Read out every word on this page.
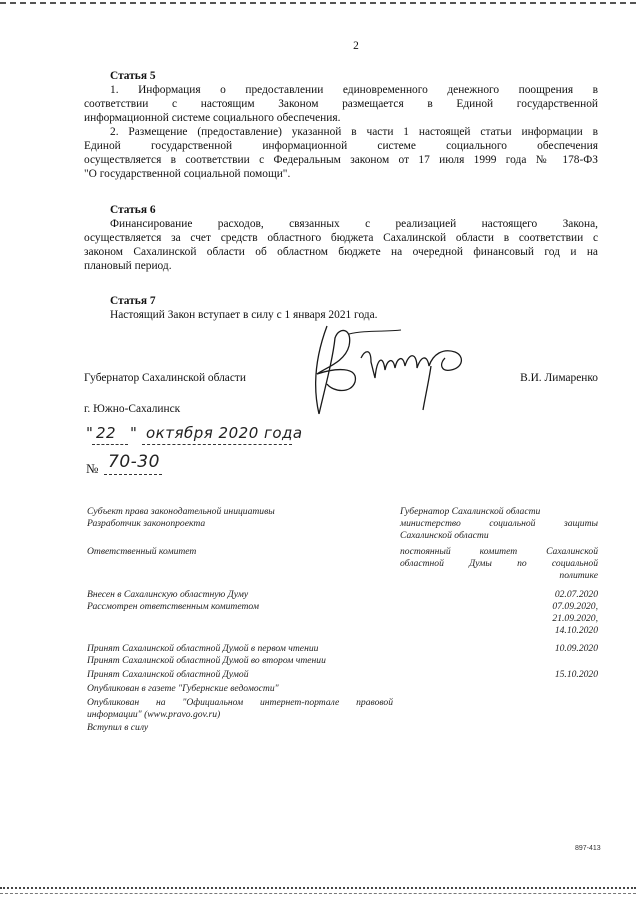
2
Статья 5
1. Информация о предоставлении единовременного денежного поощрения в
соответствии с настоящим Законом размещается в Единой государственной
информационной системе социального обеспечения.
2. Размещение (предоставление) указанной в части 1 настоящей статьи информации в
Единой государственной информационной системе социального обеспечения
осуществляется в соответствии с Федеральным законом от 17 июля 1999 года № 178-ФЗ
"О государственной социальной помощи".
Статья 6
Финансирование расходов, связанных с реализацией настоящего Закона,
осуществляется за счет средств областного бюджета Сахалинской области в соответствии с
законом Сахалинской области об областном бюджете на очередной финансовый год и на
плановый период.
Статья 7
Настоящий Закон вступает в силу с 1 января 2021 года.
Губернатор Сахалинской области	В.И. Лимаренко
г. Южно-Сахалинск
" 22 " октября 2020 года
№ 70-30
Субъект права законодательной инициативы	Губернатор Сахалинской области
Разработчик законопроекта	министерство социальной защиты
Сахалинской области
Ответственный комитет	постоянный комитет Сахалинской
областной Думы по социальной
политике
Внесен в Сахалинскую областную Думу	02.07.2020
Рассмотрен ответственным комитетом	07.09.2020,
21.09.2020,
14.10.2020
Принят Сахалинской областной Думой в первом чтении	10.09.2020
Принят Сахалинской областной Думой во втором чтении
Принят Сахалинской областной Думой	15.10.2020
Опубликован в газете "Губернские ведомости"
Опубликован на "Официальном интернет-портале правовой
информации" (www.pravo.gov.ru)
Вступил в силу
897-413
